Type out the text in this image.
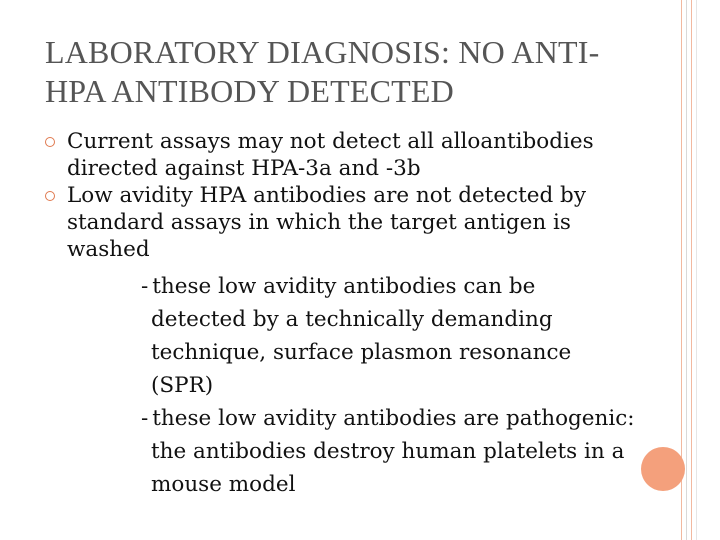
LABORATORY DIAGNOSIS: NO ANTI-
HPA ANTIBODY DETECTED
Current assays may not detect all alloantibodies
directed against HPA-3a and -3b
Low avidity HPA antibodies are not detected by
standard assays in which the target antigen is
washed
- these low avidity antibodies can be
detected by a technically demanding
technique, surface plasmon resonance
(SPR)
- these low avidity antibodies are pathogenic:
the antibodies destroy human platelets in a
mouse model
